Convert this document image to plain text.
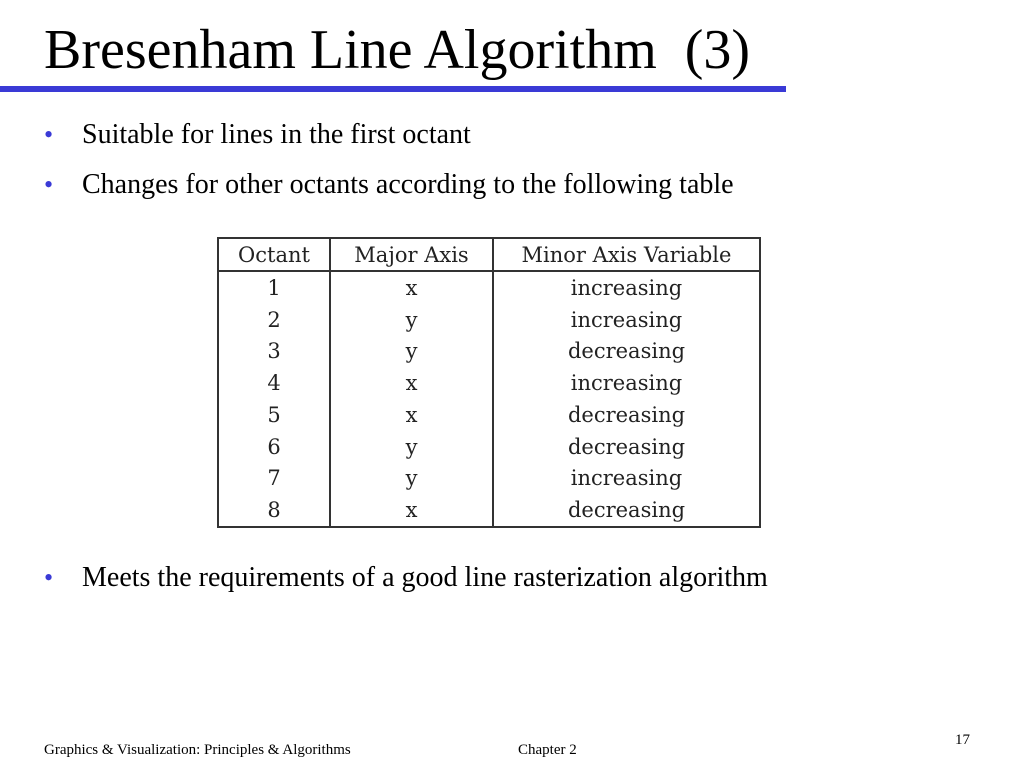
Bresenham Line Algorithm  (3)
• Suitable for lines in the first octant
• Changes for other octants according to the following table
Octant	Major Axis	Minor Axis Variable
1	x	increasing
2	y	increasing
3	y	decreasing
4	x	increasing
5	x	decreasing
6	y	decreasing
7	y	increasing
8	x	decreasing
• Meets the requirements of a good line rasterization algorithm
Graphics & Visualization: Principles & Algorithms	Chapter 2
17
